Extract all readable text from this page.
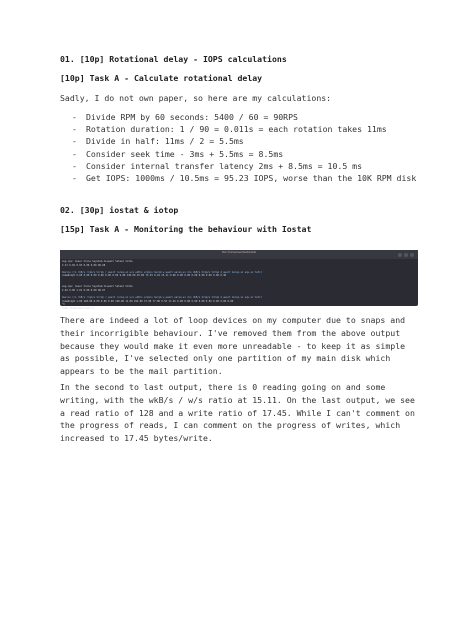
01. [10p] Rotational delay - IOPS calculations
[10p] Task A - Calculate rotational delay
Sadly, I do not own paper, so here are my calculations:
- Divide RPM by 60 seconds: 5400 / 60 = 90RPS
- Rotation duration: 1 / 90 = 0.011s = each rotation takes 11ms
- Divide in half: 11ms / 2 = 5.5ms
- Consider seek time - 3ms + 5.5ms = 8.5ms
- Consider internal transfer latency 2ms + 8.5ms = 10.5 ms
- Get IOPS: 1000ms / 10.5ms = 95.23 IOPS, worse than the 10K RPM disk
02. [30p] iostat & iotop
[15p] Task A - Monitoring the behaviour with Iostat
fish /home/user/test/iostat
avg-cpu: %user %nice %system %iowait %steal %idle
2.31 0.02 0.93 0.06 0.00 96.68
Device r/s rkB/s rrqm/s %rrqm r_await rareq-sz w/s wkB/s wrqm/s %wrqm w_await wareq-sz d/s dkB/s drqm/s %drqm d_await dareq-sz aqu-sz %util
nvme0n1p5 0.00 0.00 0.00 0.00 0.00 0.00 9.00 136.00 25.00 73.53 0.44 15.11 0.00 0.00 0.00 0.00 0.00 0.00 0.00 0.40
avg-cpu: %user %nice %system %iowait %steal %idle
2.02 0.00 1.01 0.00 0.00 96.97
Device r/s rkB/s rrqm/s %rrqm r_await rareq-sz w/s wkB/s wrqm/s %wrqm w_await wareq-sz d/s dkB/s drqm/s %drqm d_await dareq-sz aqu-sz %util
nvme0n1p5 1.00 128.00 0.00 0.00 0.00 128.00 11.00 192.00 37.00 77.08 0.55 17.45 0.00 0.00 0.00 0.00 0.00 0.00 0.00 0.80
^C
fish /home/user/test $
There are indeed a lot of loop devices on my computer due to snaps and their incorrigible behaviour. I've removed them from the above output because they would make it even more unreadable - to keep it as simple as possible, I've selected only one partition of my main disk which appears to be the mail partition.
In the second to last output, there is 0 reading going on and some writing, with the wkB/s / w/s ratio at 15.11. On the last output, we see a read ratio of 128 and a write ratio of 17.45. While I can't comment on the progress of reads, I can comment on the progress of writes, which increased to 17.45 bytes/write.
